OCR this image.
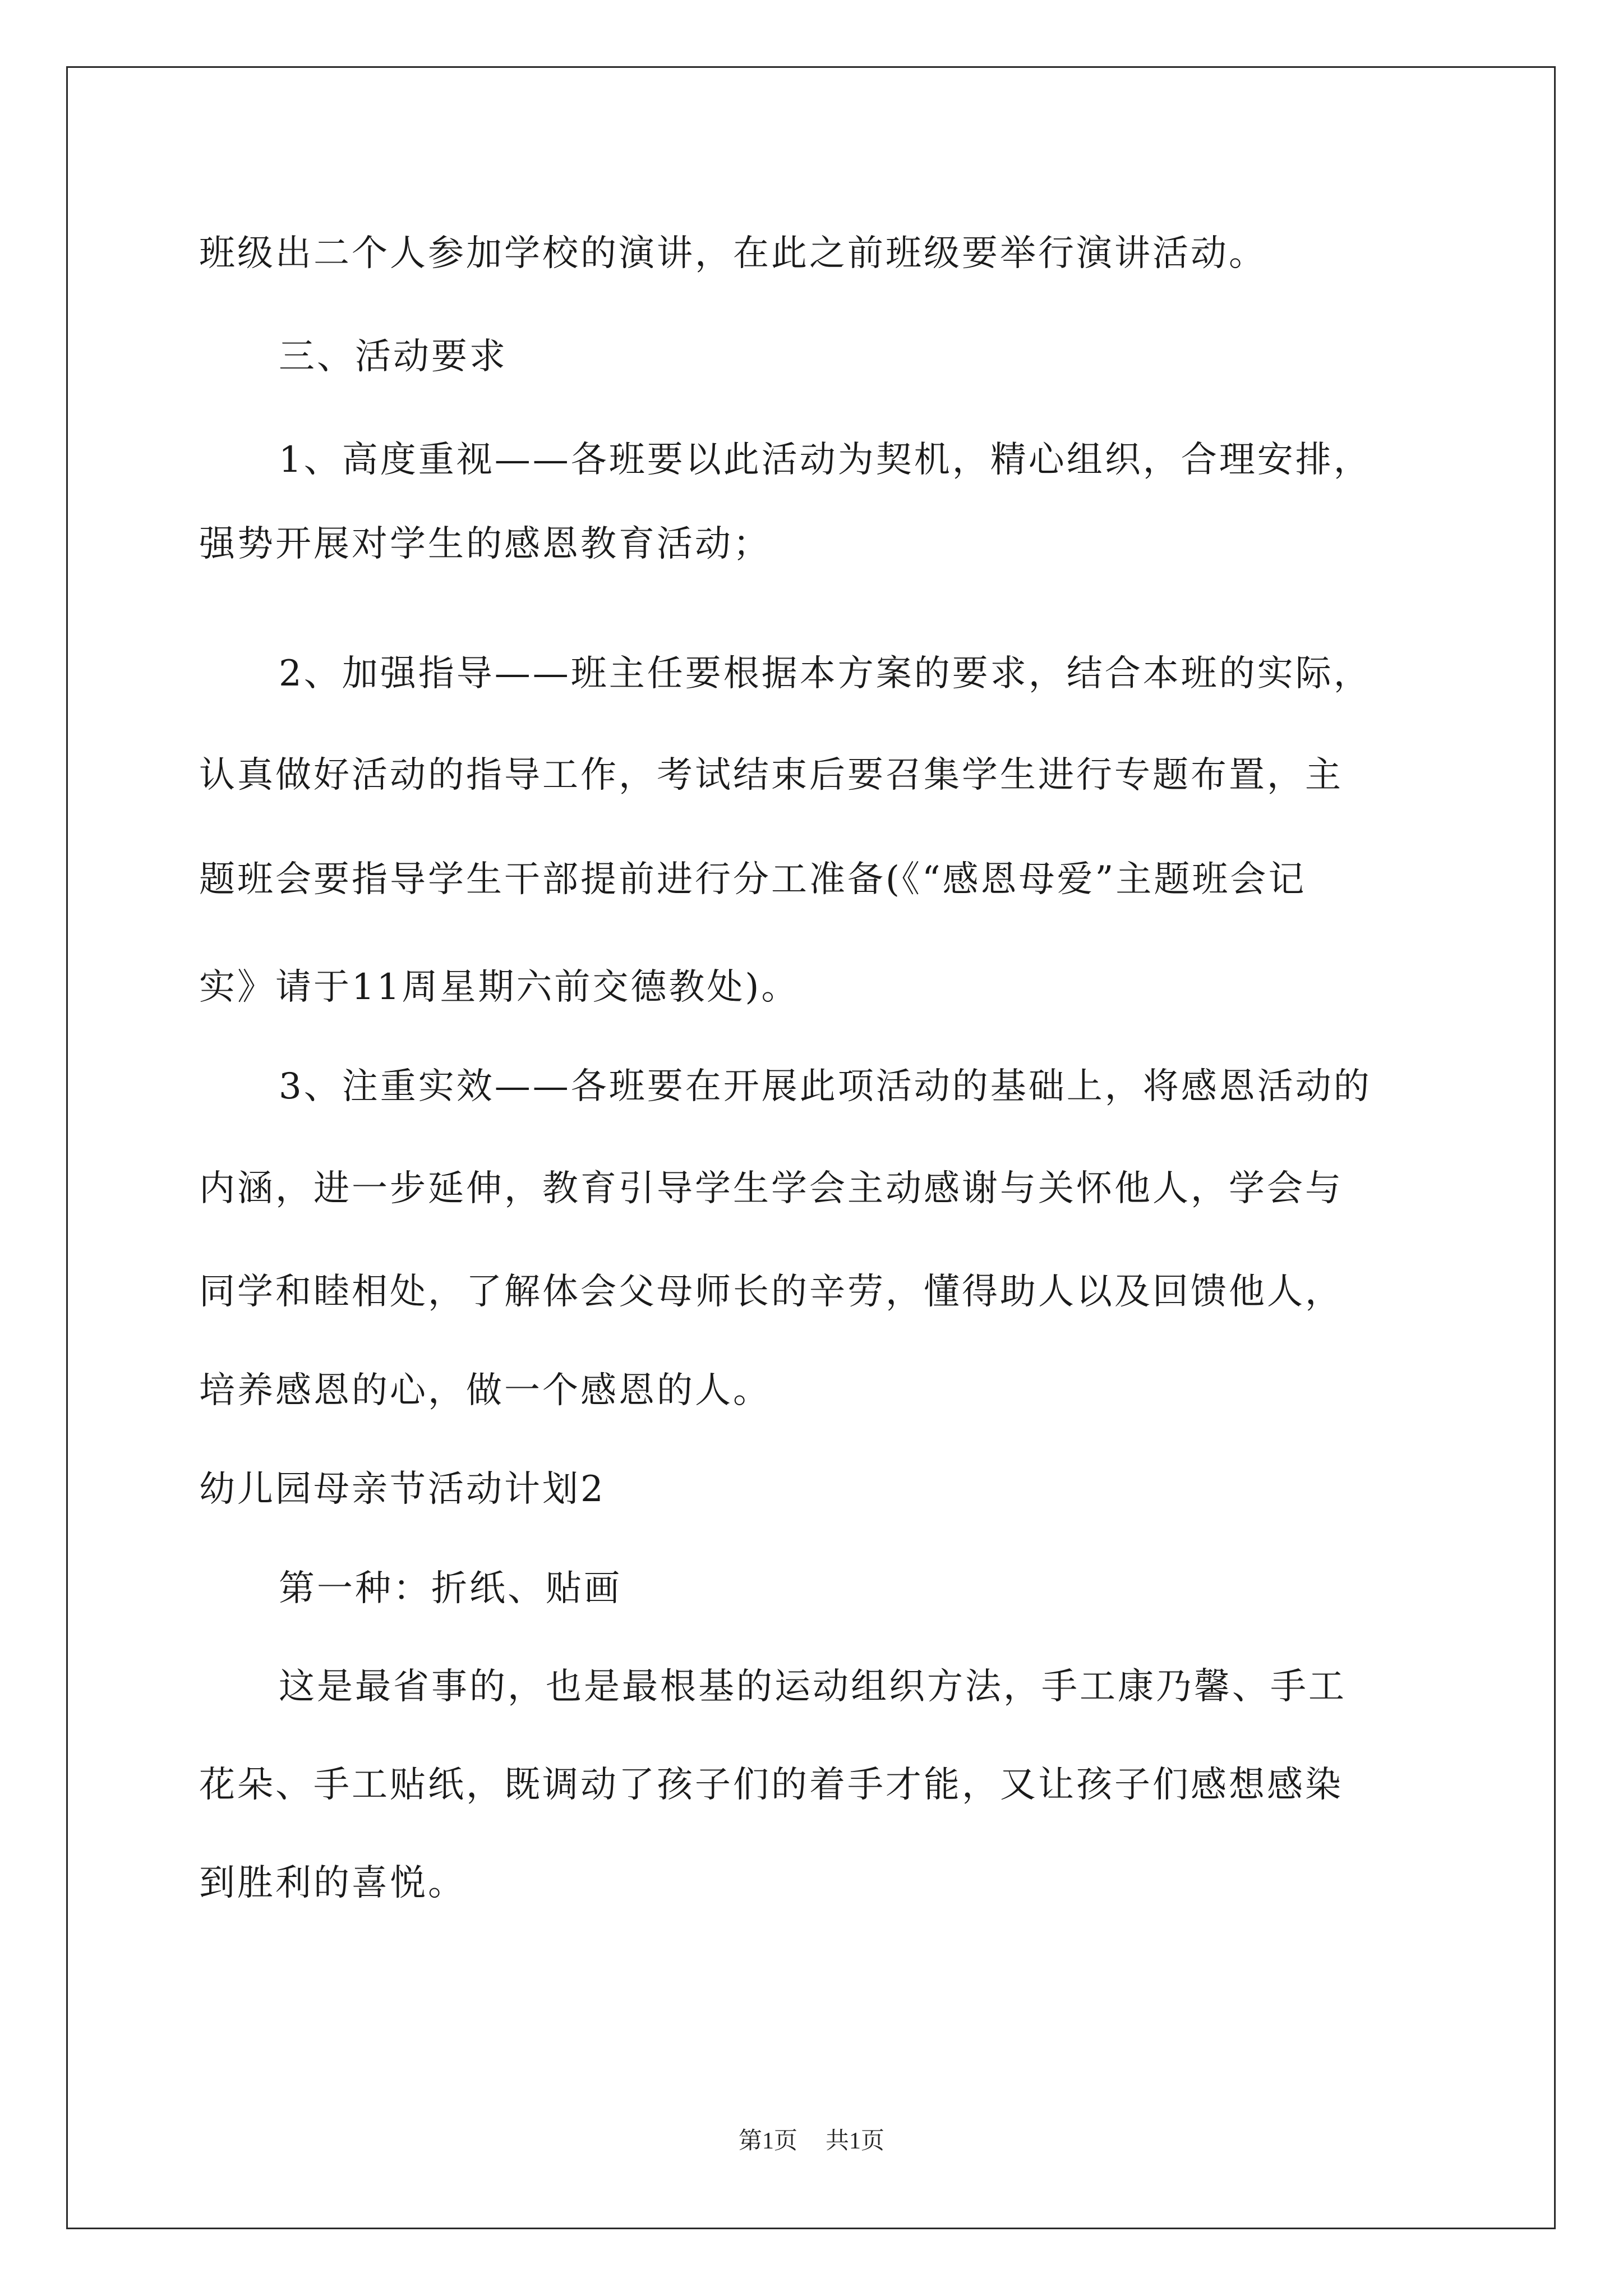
班级出二个人参加学校的演讲，在此之前班级要举行演讲活动。
三、活动要求
1、高度重视——各班要以此活动为契机，精心组织，合理安排，
强势开展对学生的感恩教育活动；
2、加强指导——班主任要根据本方案的要求，结合本班的实际，
认真做好活动的指导工作，考试结束后要召集学生进行专题布置，主
题班会要指导学生干部提前进行分工准备(《“感恩母爱”主题班会记
实》请于11周星期六前交德教处)。
3、注重实效——各班要在开展此项活动的基础上，将感恩活动的
内涵，进一步延伸，教育引导学生学会主动感谢与关怀他人，学会与
同学和睦相处，了解体会父母师长的辛劳，懂得助人以及回馈他人，
培养感恩的心，做一个感恩的人。
幼儿园母亲节活动计划2
第一种：折纸、贴画
这是最省事的，也是最根基的运动组织方法，手工康乃馨、手工
花朵、手工贴纸，既调动了孩子们的着手才能，又让孩子们感想感染
到胜利的喜悦。
第1页 共1页
